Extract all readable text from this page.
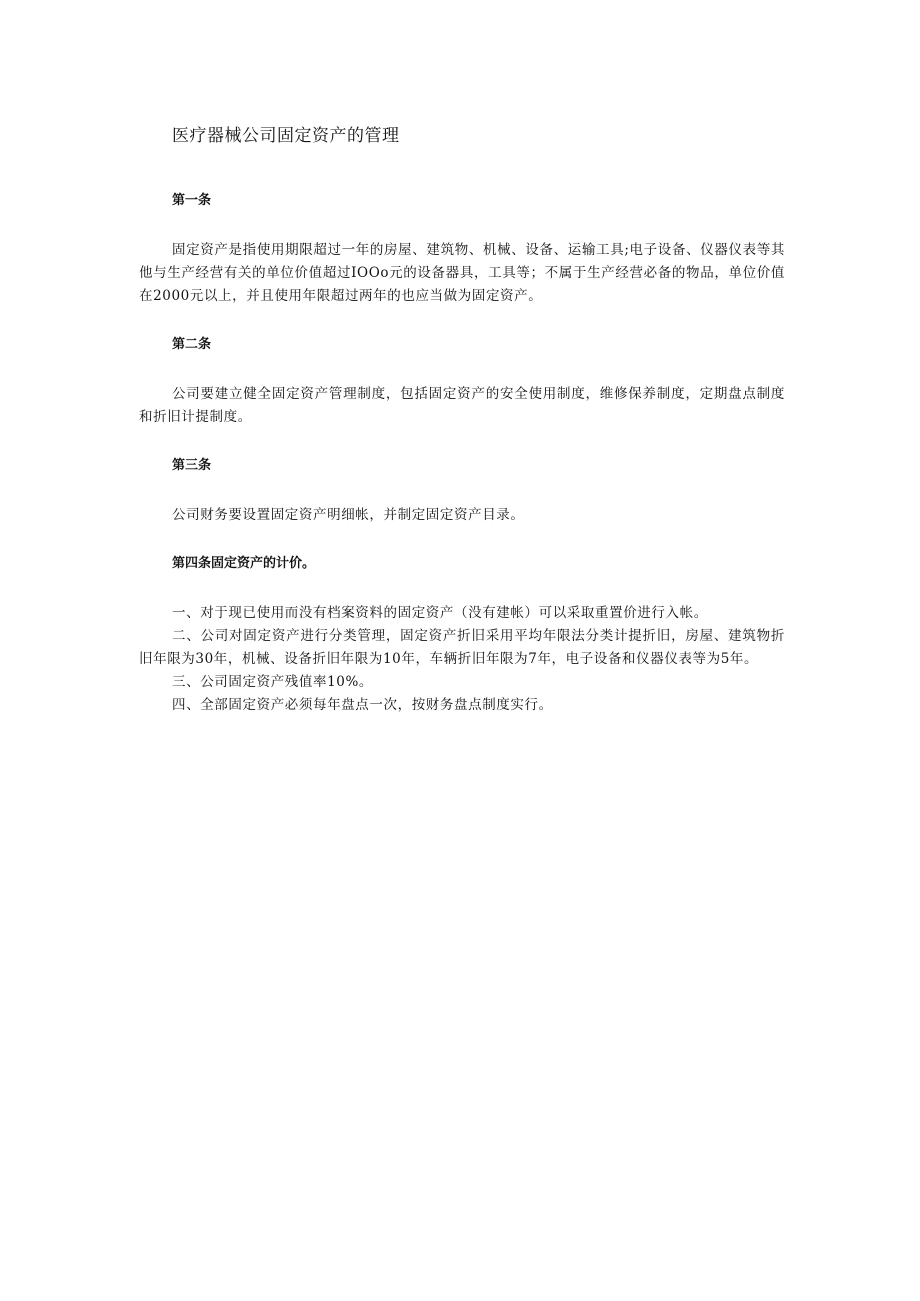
医疗器械公司固定资产的管理
第一条

固定资产是指使用期限超过一年的房屋、建筑物、机械、设备、运输工具;电子设备、仪器仪表等其他与生产经营有关的单位价值超过IOOo元的设备器具，工具等；不属于生产经营必备的物品，单位价值在2000元以上，并且使用年限超过两年的也应当做为固定资产。

第二条

公司要建立健全固定资产管理制度，包括固定资产的安全使用制度，维修保养制度，定期盘点制度和折旧计提制度。

第三条

公司财务要设置固定资产明细帐，并制定固定资产目录。

第四条固定资产的计价。

一、对于现已使用而没有档案资料的固定资产（没有建帐）可以采取重置价进行入帐。

二、公司对固定资产进行分类管理，固定资产折旧采用平均年限法分类计提折旧，房屋、建筑物折旧年限为30年，机械、设备折旧年限为10年，车辆折旧年限为7年，电子设备和仪器仪表等为5年。

三、公司固定资产残值率10%。

四、全部固定资产必须每年盘点一次，按财务盘点制度实行。
